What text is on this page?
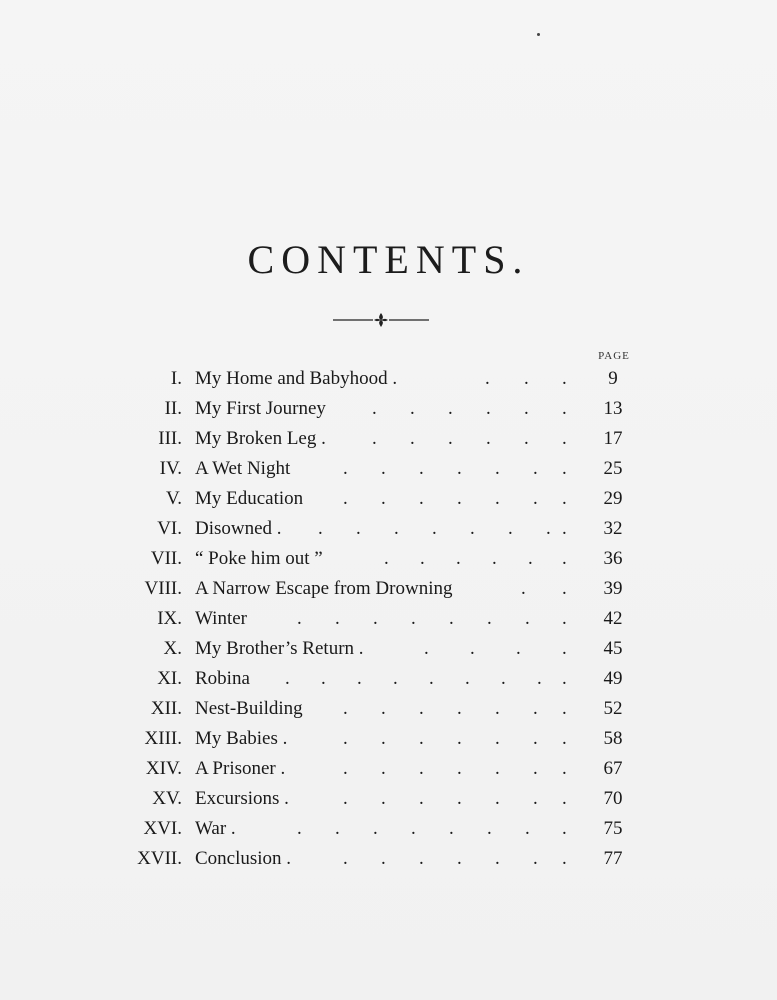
CONTENTS.
PAGE
I. My Home and Babyhood .	. . .	9
II. My First Journey . . . . . .	13
III. My Broken Leg . . . . . . .	17
IV. A Wet Night	. . . . . . .	25
V. My Education . . . . . . .	29
VI. Disowned . . . . . . . . .	32
VII. “ Poke him out ”	. . . . . .	36
VIII. A Narrow Escape from Drowning	. .	39
IX. Winter	. . . . . . . .	42
X. My Brother’s Return .	. . . .	45
XI. Robina . . . . . . . . .	49
XII. Nest-Building . . . . . . .	52
XIII. My Babies .	. . . . . . .	58
XIV. A Prisoner .	. . . . . . .	67
XV. Excursions .	. . . . . . .	70
XVI. War .	. . . . . . . .	75
XVII. Conclusion .	. . . . . . .	77
